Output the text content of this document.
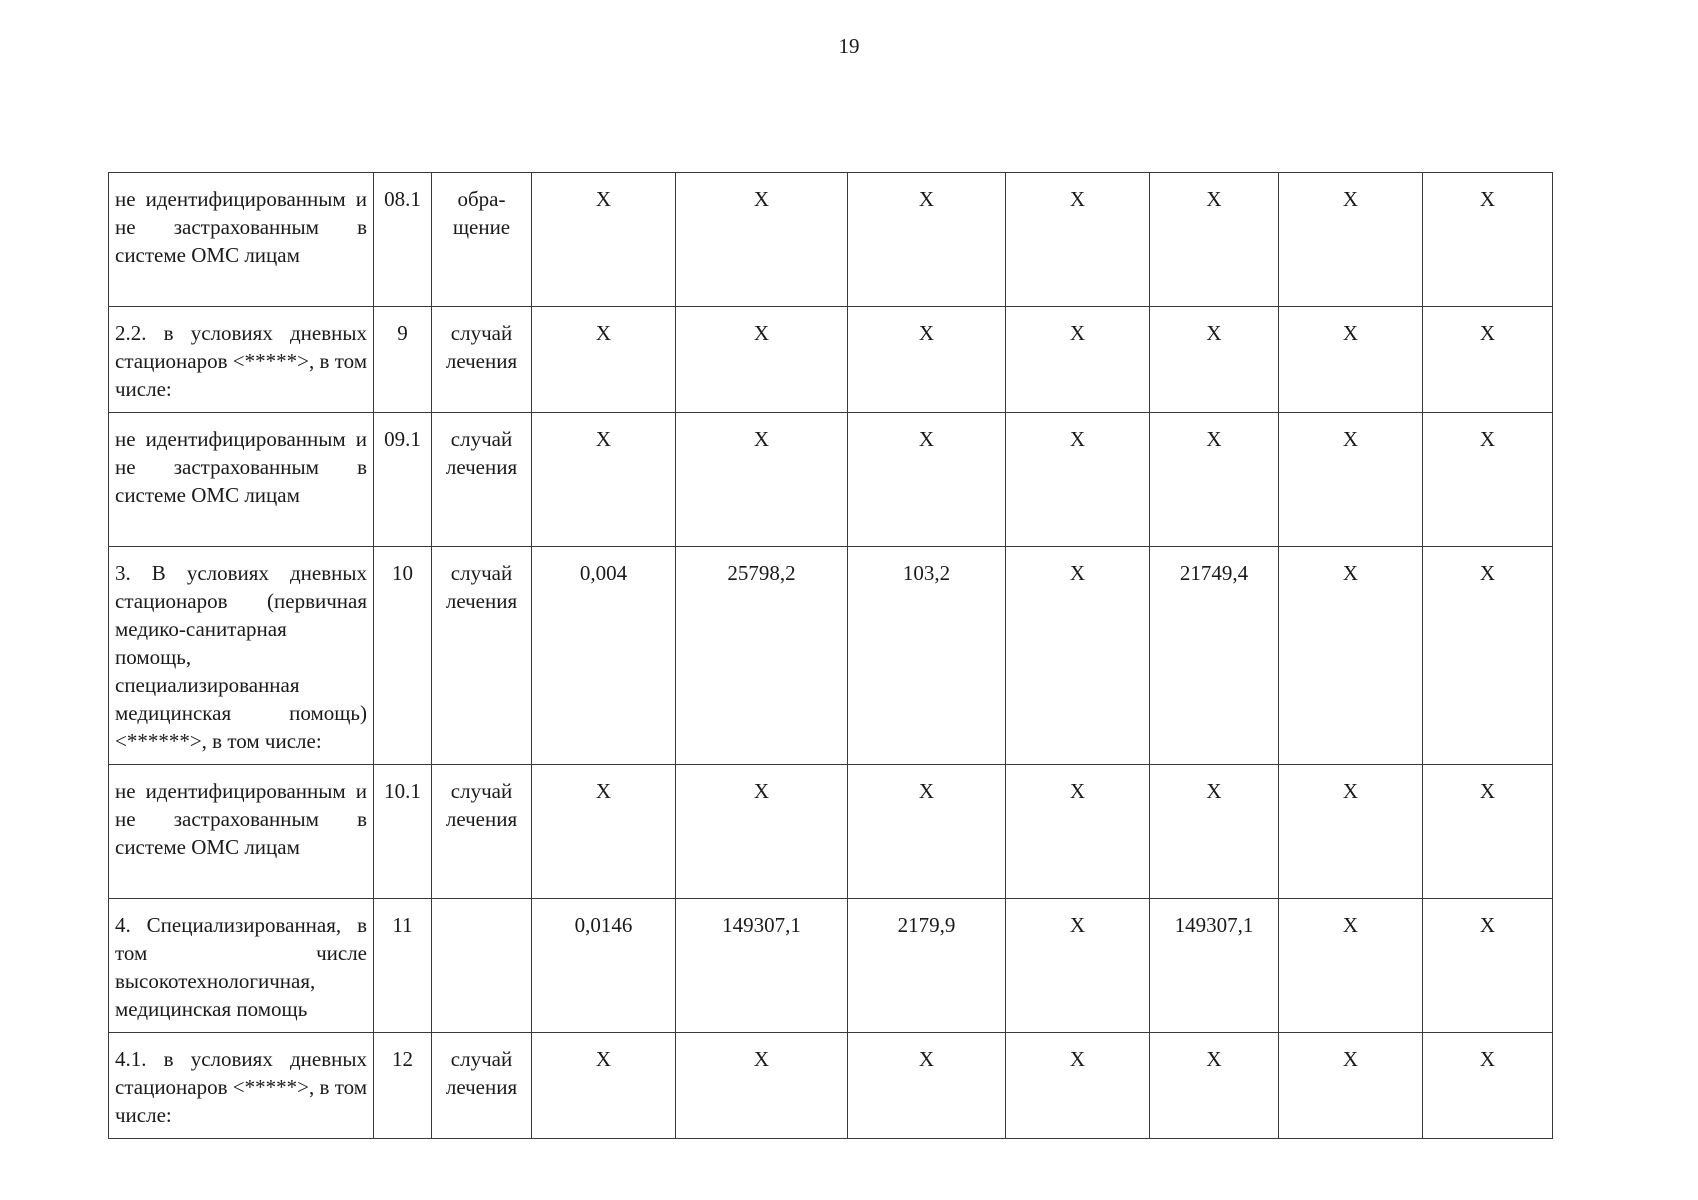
19
не идентифицированным и не застрахованным в системе ОМС лицам	08.1	обра-щение	X	X	X	X	X	X	X
2.2. в условиях дневных стационаров <*****>, в том числе:	9	случай лечения	X	X	X	X	X	X	X
не идентифицированным и не застрахованным в системе ОМС лицам	09.1	случай лечения	X	X	X	X	X	X	X
3. В условиях дневных стационаров (первичная медико-санитарная помощь, специализированная медицинская помощь) <******>, в том числе:	10	случай лечения	0,004	25798,2	103,2	X	21749,4	X	X
не идентифицированным и не застрахованным в системе ОМС лицам	10.1	случай лечения	X	X	X	X	X	X	X
4. Специализированная, в том числе высокотехнологичная, медицинская помощь	11		0,0146	149307,1	2179,9	X	149307,1	X	X
4.1. в условиях дневных стационаров <*****>, в том числе:	12	случай лечения	X	X	X	X	X	X	X
